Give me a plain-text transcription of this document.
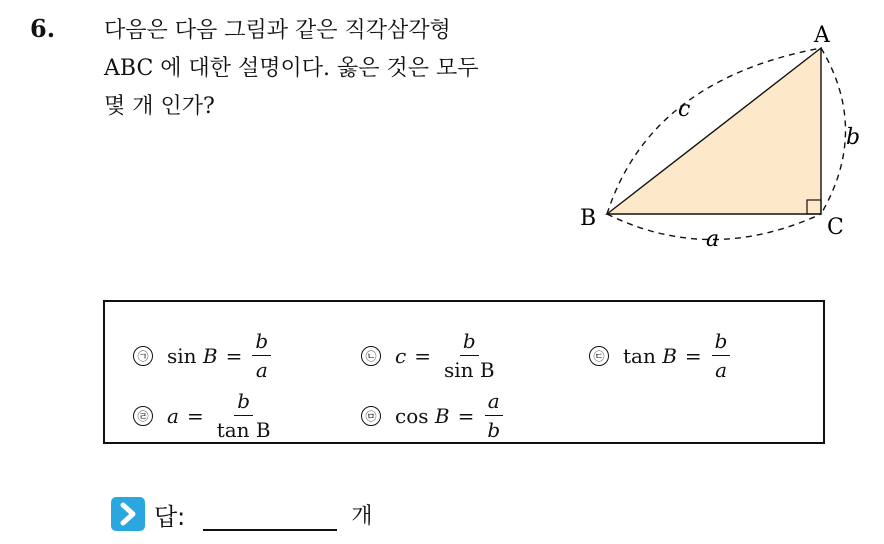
6. 다음은 다음 그림과 같은 직각삼각형
ABC 에 대한 설명이다. 옳은 것은 모두
몇 개 인가?
A
B	C
c
b
a
㉠ sin
$B = \frac{b}{a}$	㉡ $c = \frac{b}{\text{sin B}}$	㉢ tan
$B = \frac{b}{a}$
㉣ $a = \frac{b}{\text{tan B}}$	㉤ cos
$B = \frac{a}{b}$
답:	개
